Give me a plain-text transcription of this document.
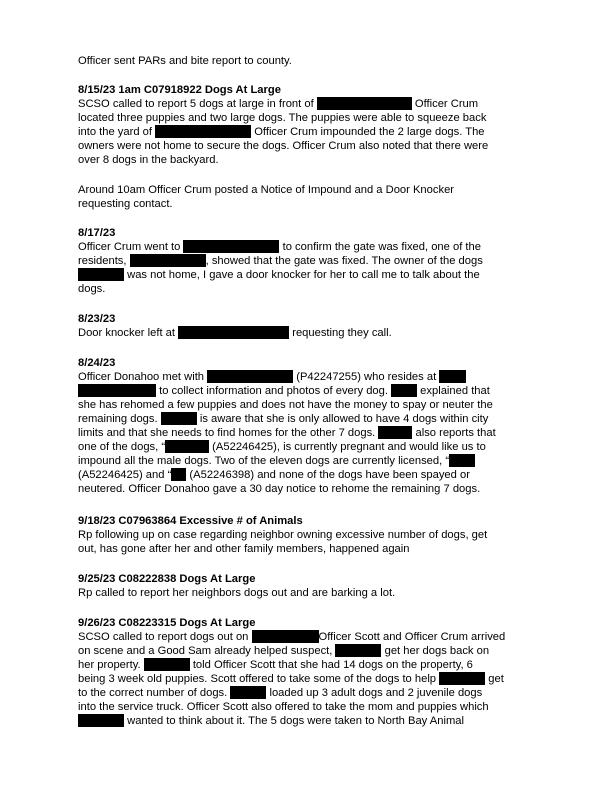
Officer sent PARs and bite report to county.
8/15/23 1am C07918922 Dogs At Large
SCSO called to report 5 dogs at large in front of	Officer Crum
located three puppies and two large dogs. The puppies were able to squeeze back
into the yard of	Officer Crum impounded the 2 large dogs. The
owners were not home to secure the dogs. Officer Crum also noted that there were
over 8 dogs in the backyard.
Around 10am Officer Crum posted a Notice of Impound and a Door Knocker
requesting contact.
8/17/23
Officer Crum went to	to confirm the gate was fixed, one of the
residents,	, showed that the gate was fixed. The owner of the dogs
was not home, I gave a door knocker for her to call me to talk about the
dogs.
8/23/23
Door knocker left at	requesting they call.
8/24/23
Officer Donahoo met with	(P42247255) who resides at
to collect information and photos of every dog.  explained that
she has rehomed a few puppies and does not have the money to spay or neuter the
remaining dogs.	is aware that she is only allowed to have 4 dogs within city
limits and that she needs to find homes for the other 7 dogs.	also reports that
one of the dogs, “	(A52246425), is currently pregnant and would like us to
impound all the male dogs. Two of the eleven dogs are currently licensed, “
(A52246425) and “ (A52246398) and none of the dogs have been spayed or
neutered. Officer Donahoo gave a 30 day notice to rehome the remaining 7 dogs.
9/18/23 C07963864 Excessive # of Animals
Rp following up on case regarding neighbor owning excessive number of dogs, get
out, has gone after her and other family members, happened again
9/25/23 C08222838 Dogs At Large
Rp called to report her neighbors dogs out and are barking a lot.
9/26/23 C08223315 Dogs At Large
SCSO called to report dogs out on	Officer Scott and Officer Crum arrived
on scene and a Good Sam already helped suspect,	get her dogs back on
her property.	told Officer Scott that she had 14 dogs on the property, 6
being 3 week old puppies. Scott offered to take some of the dogs to help	get
to the correct number of dogs.	loaded up 3 adult dogs and 2 juvenile dogs
into the service truck. Officer Scott also offered to take the mom and puppies which
wanted to think about it. The 5 dogs were taken to North Bay Animal
